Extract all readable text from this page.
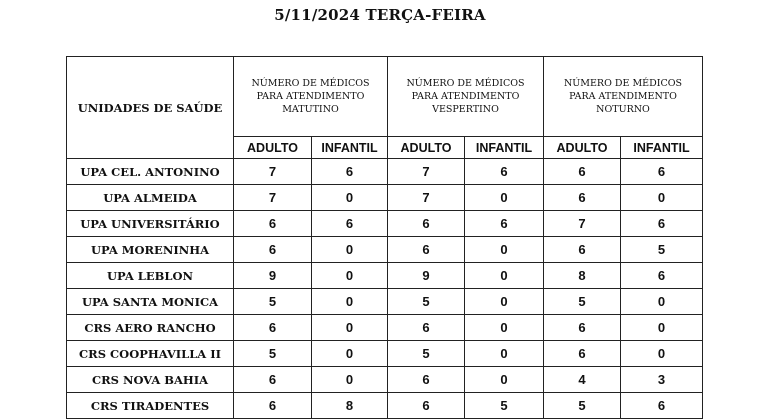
5/11/2024 TERÇA-FEIRA
UNIDADES DE SAÚDE	NÚMERO DE MÉDICOS
PARA ATENDIMENTO
MATUTINO		NÚMERO DE MÉDICOS
PARA ATENDIMENTO
VESPERTINO		NÚMERO DE MÉDICOS
PARA ATENDIMENTO
NOTURNO	

	ADULTO	INFANTIL	ADULTO	INFANTIL	ADULTO	INFANTIL
UPA CEL. ANTONINO	7	6	7	6	6	6
UPA ALMEIDA	7	0	7	0	6	0
UPA UNIVERSITÁRIO	6	6	6	6	7	6
UPA MORENINHA	6	0	6	0	6	5
UPA LEBLON	9	0	9	0	8	6
UPA SANTA MONICA	5	0	5	0	5	0
CRS AERO RANCHO	6	0	6	0	6	0
CRS COOPHAVILLA II	5	0	5	0	6	0
CRS NOVA BAHIA	6	0	6	0	4	3
CRS TIRADENTES	6	8	6	5	5	6
